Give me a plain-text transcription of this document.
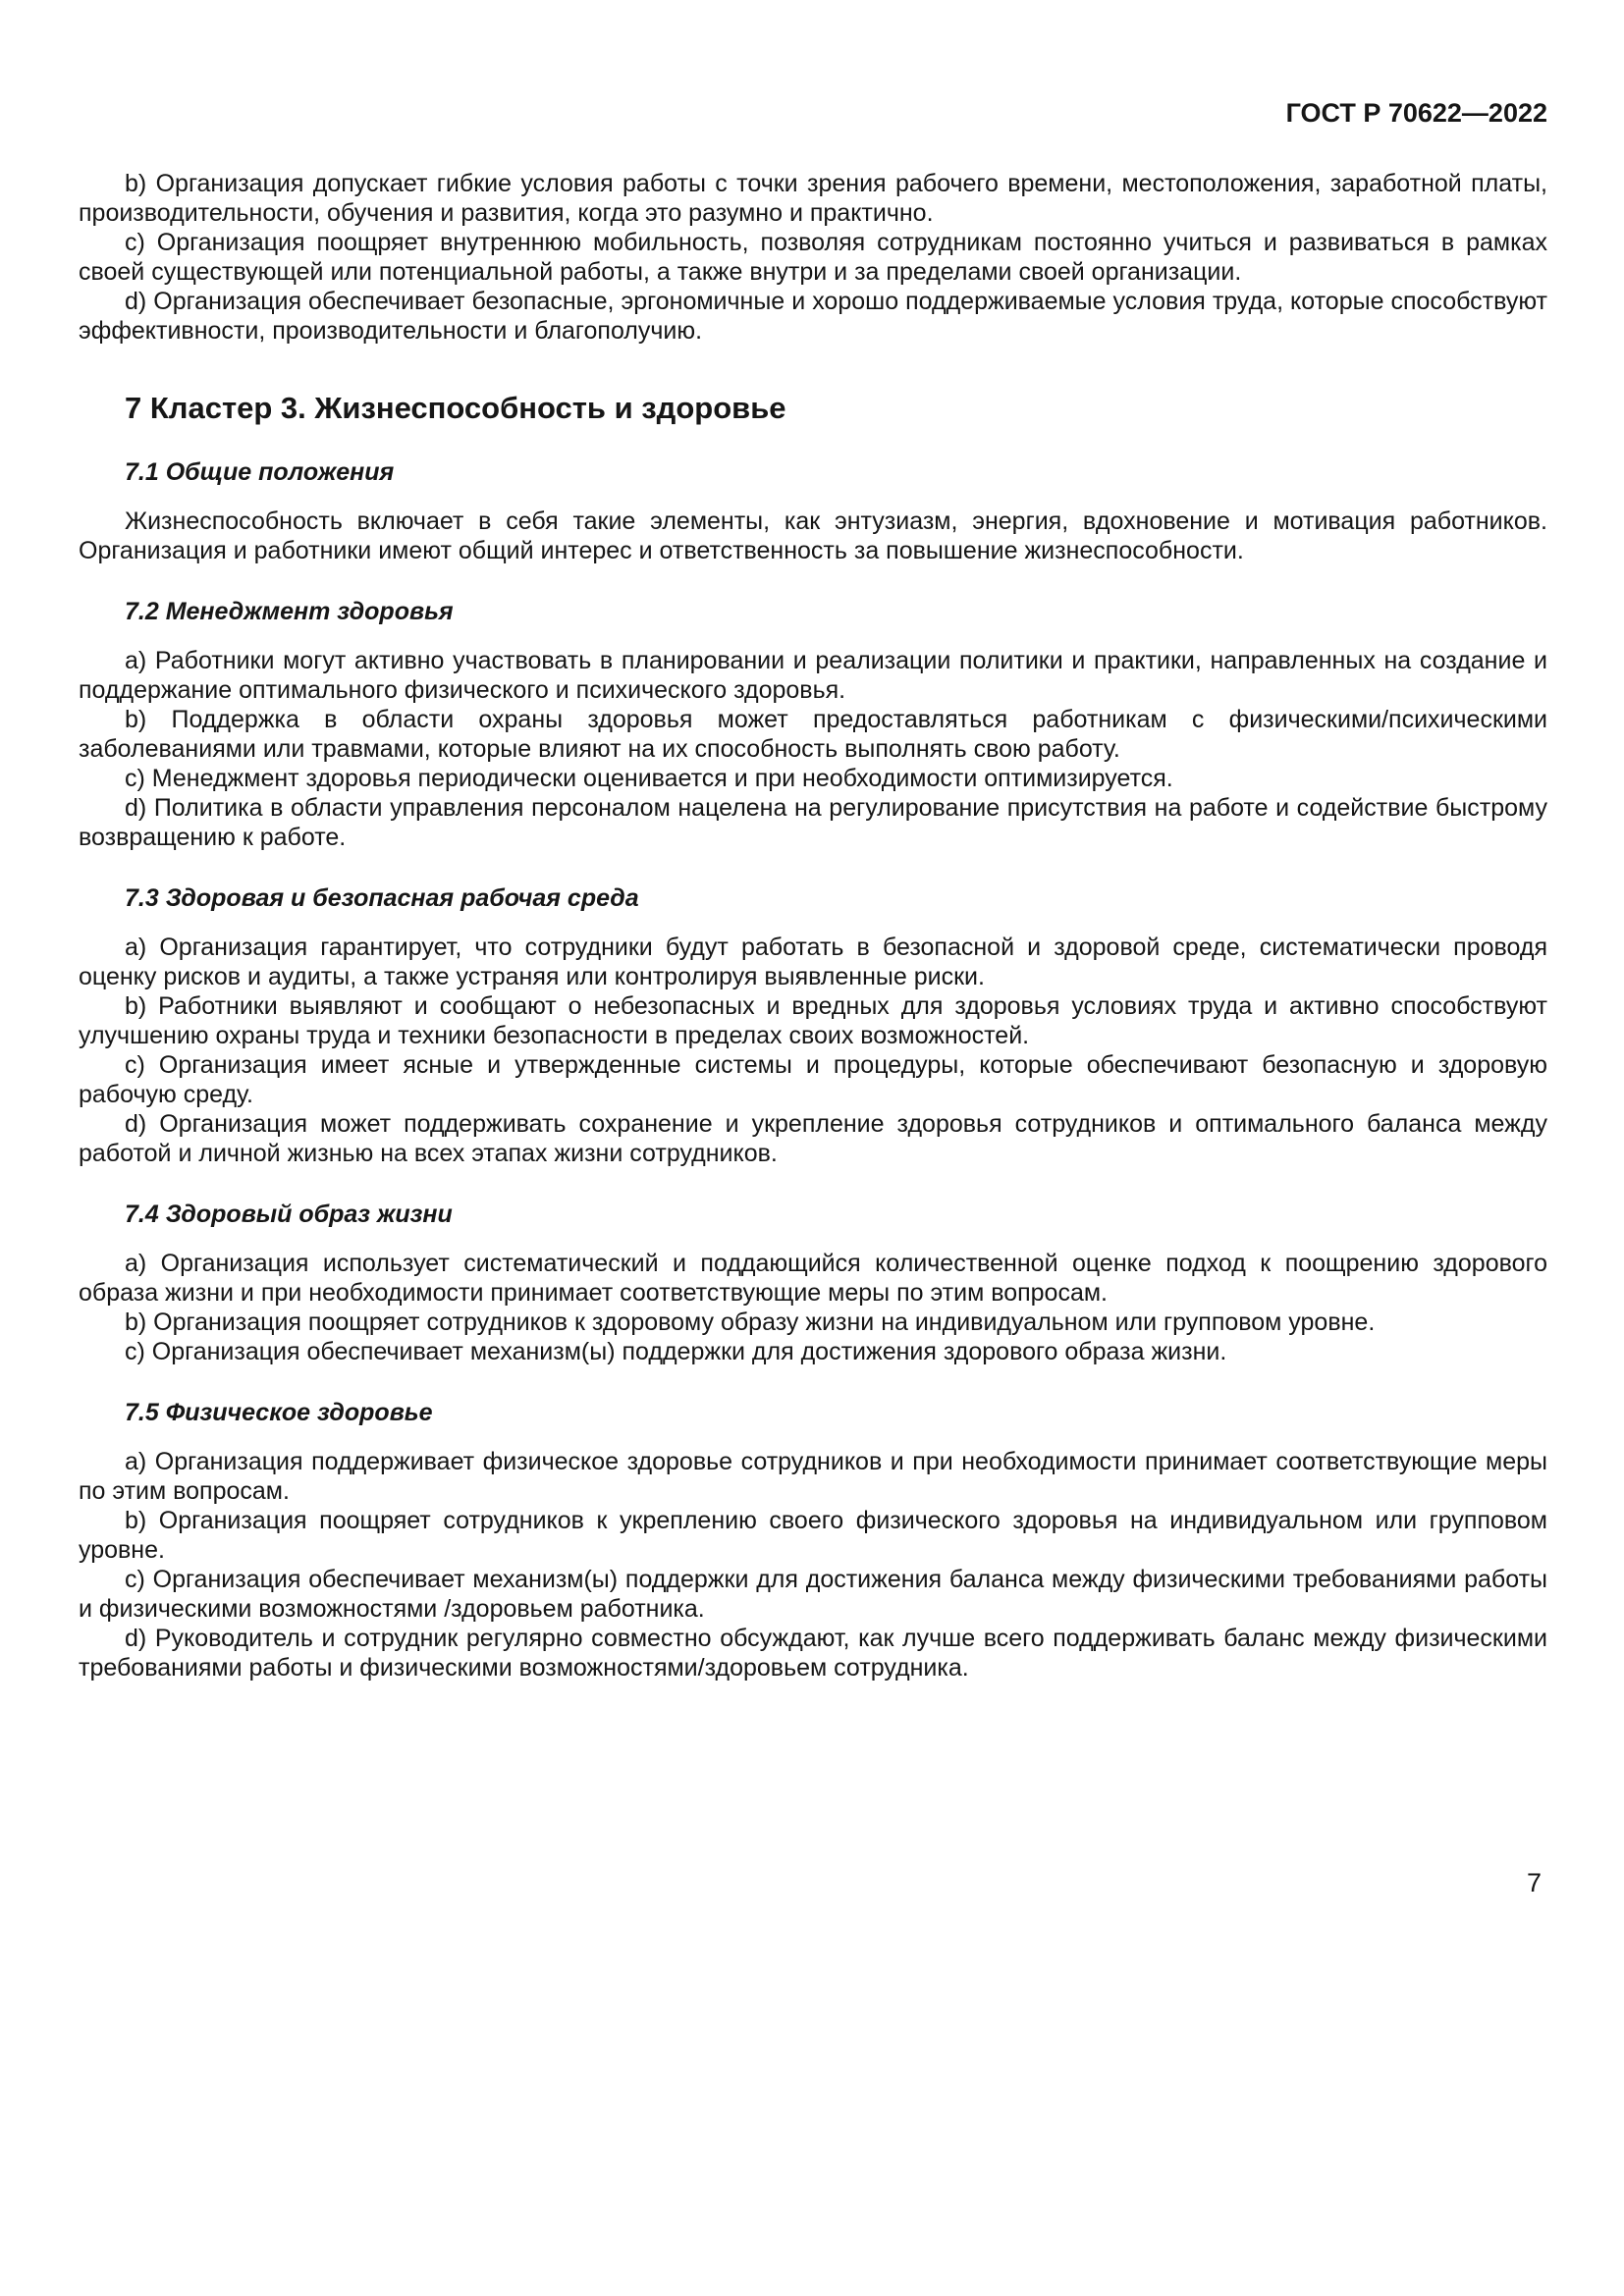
ГОСТ Р 70622—2022

b) Организация допускает гибкие условия работы с точки зрения рабочего времени, местоположения, заработной платы, производительности, обучения и развития, когда это разумно и практично.

c) Организация поощряет внутреннюю мобильность, позволяя сотрудникам постоянно учиться и развиваться в рамках своей существующей или потенциальной работы, а также внутри и за пределами своей организации.

d) Организация обеспечивает безопасные, эргономичные и хорошо поддерживаемые условия труда, которые способствуют эффективности, производительности и благополучию.

7 Кластер 3. Жизнеспособность и здоровье
7.1 Общие положения

Жизнеспособность включает в себя такие элементы, как энтузиазм, энергия, вдохновение и мотивация работников. Организация и работники имеют общий интерес и ответственность за повышение жизнеспособности.

7.2 Менеджмент здоровья

a) Работники могут активно участвовать в планировании и реализации политики и практики, направленных на создание и поддержание оптимального физического и психического здоровья.

b) Поддержка в области охраны здоровья может предоставляться работникам с физическими/психическими заболеваниями или травмами, которые влияют на их способность выполнять свою работу.

c) Менеджмент здоровья периодически оценивается и при необходимости оптимизируется.

d) Политика в области управления персоналом нацелена на регулирование присутствия на работе и содействие быстрому возвращению к работе.

7.3 Здоровая и безопасная рабочая среда

a) Организация гарантирует, что сотрудники будут работать в безопасной и здоровой среде, систематически проводя оценку рисков и аудиты, а также устраняя или контролируя выявленные риски.

b) Работники выявляют и сообщают о небезопасных и вредных для здоровья условиях труда и активно способствуют улучшению охраны труда и техники безопасности в пределах своих возможностей.

c) Организация имеет ясные и утвержденные системы и процедуры, которые обеспечивают безопасную и здоровую рабочую среду.

d) Организация может поддерживать сохранение и укрепление здоровья сотрудников и оптимального баланса между работой и личной жизнью на всех этапах жизни сотрудников.

7.4 Здоровый образ жизни

a) Организация использует систематический и поддающийся количественной оценке подход к поощрению здорового образа жизни и при необходимости принимает соответствующие меры по этим вопросам.

b) Организация поощряет сотрудников к здоровому образу жизни на индивидуальном или групповом уровне.

c) Организация обеспечивает механизм(ы) поддержки для достижения здорового образа жизни.

7.5 Физическое здоровье

a) Организация поддерживает физическое здоровье сотрудников и при необходимости принимает соответствующие меры по этим вопросам.

b) Организация поощряет сотрудников к укреплению своего физического здоровья на индивидуальном или групповом уровне.

c) Организация обеспечивает механизм(ы) поддержки для достижения баланса между физическими требованиями работы и физическими возможностями /здоровьем работника.

d) Руководитель и сотрудник регулярно совместно обсуждают, как лучше всего поддерживать баланс между физическими требованиями работы и физическими возможностями/здоровьем сотрудника.

7
